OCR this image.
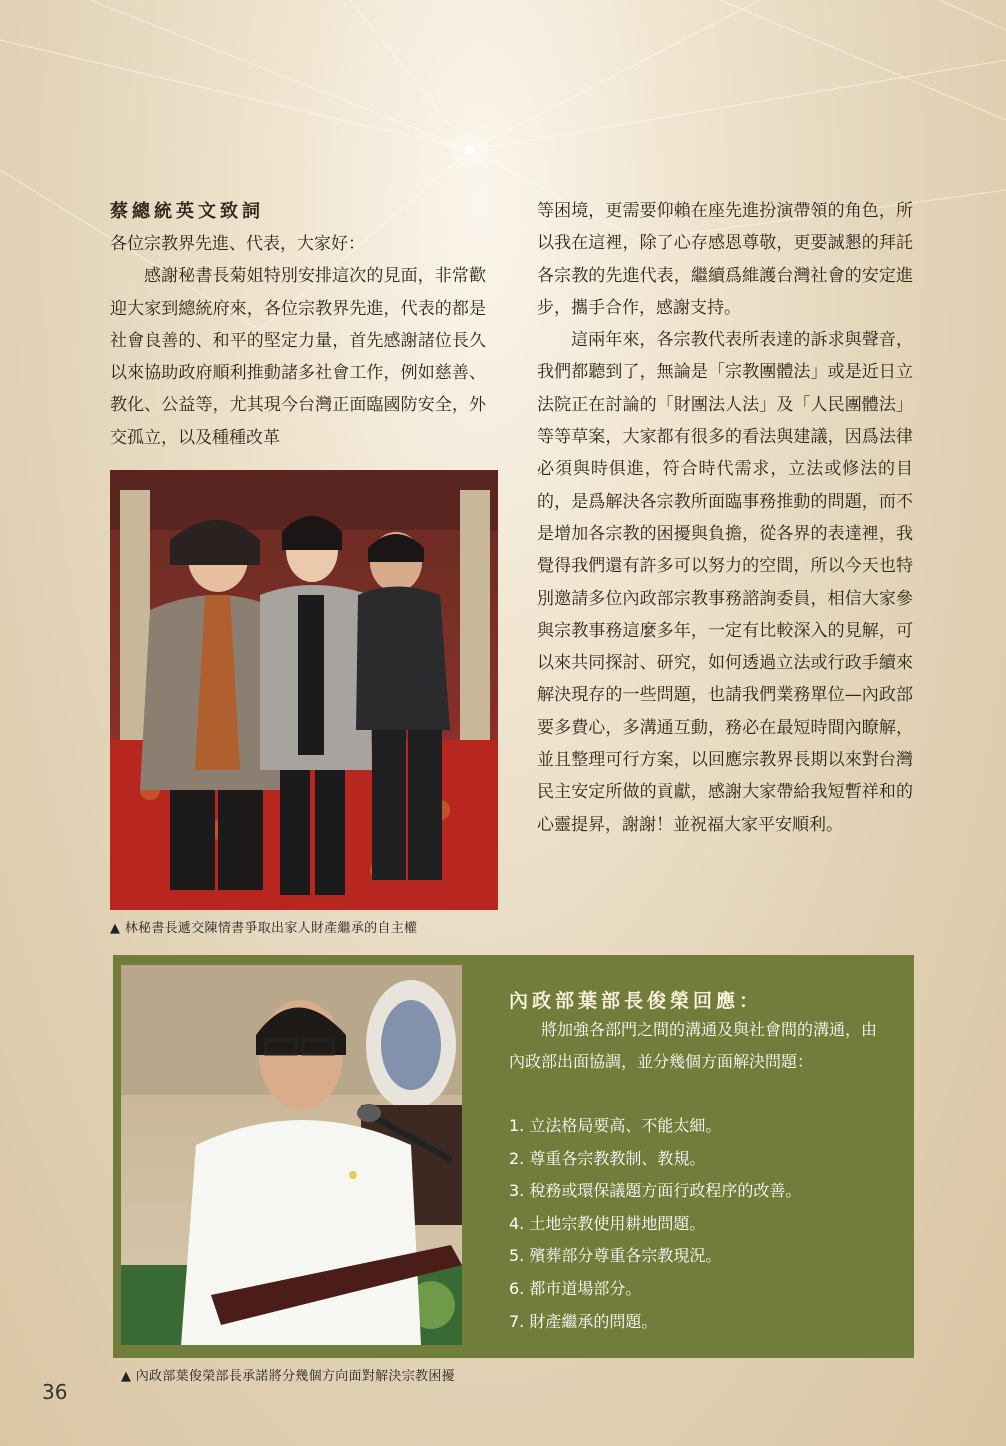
蔡總統英文致詞

各位宗教界先進、代表，大家好：

感謝秘書長菊姐特別安排這次的見面，非常歡迎大家到總統府來，各位宗教界先進，代表的都是社會良善的、和平的堅定力量，首先感謝諸位長久以來協助政府順利推動諸多社會工作，例如慈善、教化、公益等，尤其現今台灣正面臨國防安全，外交孤立，以及種種改革

等困境，更需要仰賴在座先進扮演帶領的角色，所以我在這裡，除了心存感恩尊敬，更要誠懇的拜託各宗教的先進代表，繼續爲維護台灣社會的安定進步，攜手合作，感謝支持。

這兩年來，各宗教代表所表達的訴求與聲音，我們都聽到了，無論是「宗教團體法」或是近日立法院正在討論的「財團法人法」及「人民團體法」等等草案，大家都有很多的看法與建議，因爲法律必須與時俱進，符合時代需求，立法或修法的目的，是爲解決各宗教所面臨事務推動的問題，而不是增加各宗教的困擾與負擔，從各界的表達裡，我覺得我們還有許多可以努力的空間，所以今天也特別邀請多位內政部宗教事務諮詢委員，相信大家參與宗教事務這麼多年，一定有比較深入的見解，可以來共同探討、研究，如何透過立法或行政手續來解決現存的一些問題，也請我們業務單位—內政部要多費心，多溝通互動，務必在最短時間內瞭解，並且整理可行方案，以回應宗教界長期以來對台灣民主安定所做的貢獻，感謝大家帶給我短暫祥和的心靈提昇，謝謝！並祝福大家平安順利。

▲ 林秘書長遞交陳情書爭取出家人財產繼承的自主權

內政部葉部長俊榮回應：

將加強各部門之間的溝通及與社會間的溝通，由內政部出面協調，並分幾個方面解決問題：

1. 立法格局要高、不能太細。
2. 尊重各宗教教制、教規。
3. 稅務或環保議題方面行政程序的改善。
4. 土地宗教使用耕地問題。
5. 殯葬部分尊重各宗教現況。
6. 都市道場部分。
7. 財產繼承的問題。

▲ 內政部葉俊榮部長承諾將分幾個方向面對解決宗教困擾

36
